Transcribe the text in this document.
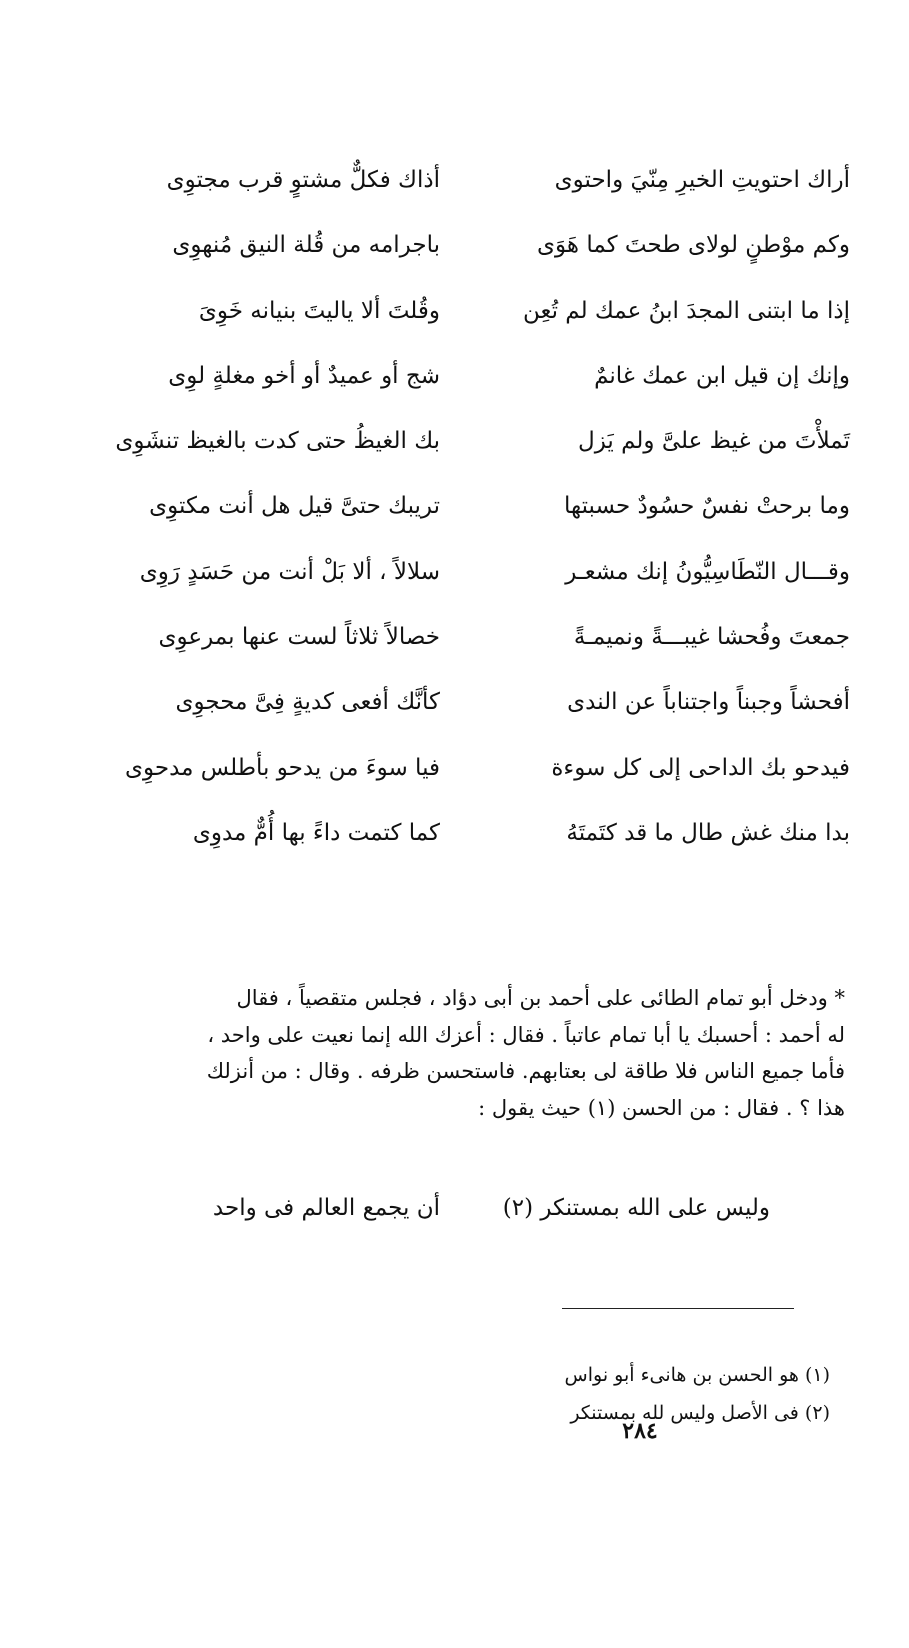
أراك احتويتِ الخيرِ مِنّيَ واحتوى
أذاك فكلٌّ مشتوٍ قرب مجتوِى
وكم موْطنٍ لولاى طحتَ كما هَوَى
باجرامه من قُلة النيق مُنهوِى
إذا ما ابتنى المجدَ ابنُ عمك لم تُعِن
وقُلتَ ألا ياليتَ بنيانه خَوِىَ
وإنك إن قيل ابن عمك غانمٌ
شج أو عميدٌ أو أخو مغلةٍ لوِى
تَملأْتَ من غيظ علىَّ ولم يَزل
بك الغيظُ حتى كدت بالغيظ تنشَوِى
وما برحتْ نفسٌ حسُودٌ حسبتها
تريبك حتىَّ قيل هل أنت مكتوِى
وقـــال النّطَاسِيُّونُ إنك مشعـر
سلالاً ، ألا بَلْ أنت من حَسَدٍ رَوِى
جمعتَ وفُحشا غيبـــةً ونميمـةً
خصالاً ثلاثاً لست عنها بمرعوِى
أفحشاً وجبناً واجتناباً عن الندى
كأنَّك أفعى كديةٍ فِىَّ محجوِى
فيدحو بك الداحى إلى كل سوءة
فيا سوءَ من يدحو بأطلس مدحوِى
بدا منك غش طال ما قد كتَمتَهُ
كما كتمت داءً بها أُمٌّ مدوِى
* ودخل أبو تمام الطائى على أحمد بن أبى دؤاد ، فجلس متقصياً ، فقال
له أحمد : أحسبك يا أبا تمام عاتباً . فقال : أعزك الله إنما نعيت على واحد ،
فأما جميع الناس فلا طاقة لى بعتابهم. فاستحسن ظرفه . وقال : من أنزلك
هذا ؟ . فقال : من الحسن (١) حيث يقول :
وليس على الله بمستنكر (٢)
أن يجمع العالم فى واحد
(١) هو الحسن بن هانىء أبو نواس
(٢) فى الأصل وليس لله بمستنكر
٢٨٤
